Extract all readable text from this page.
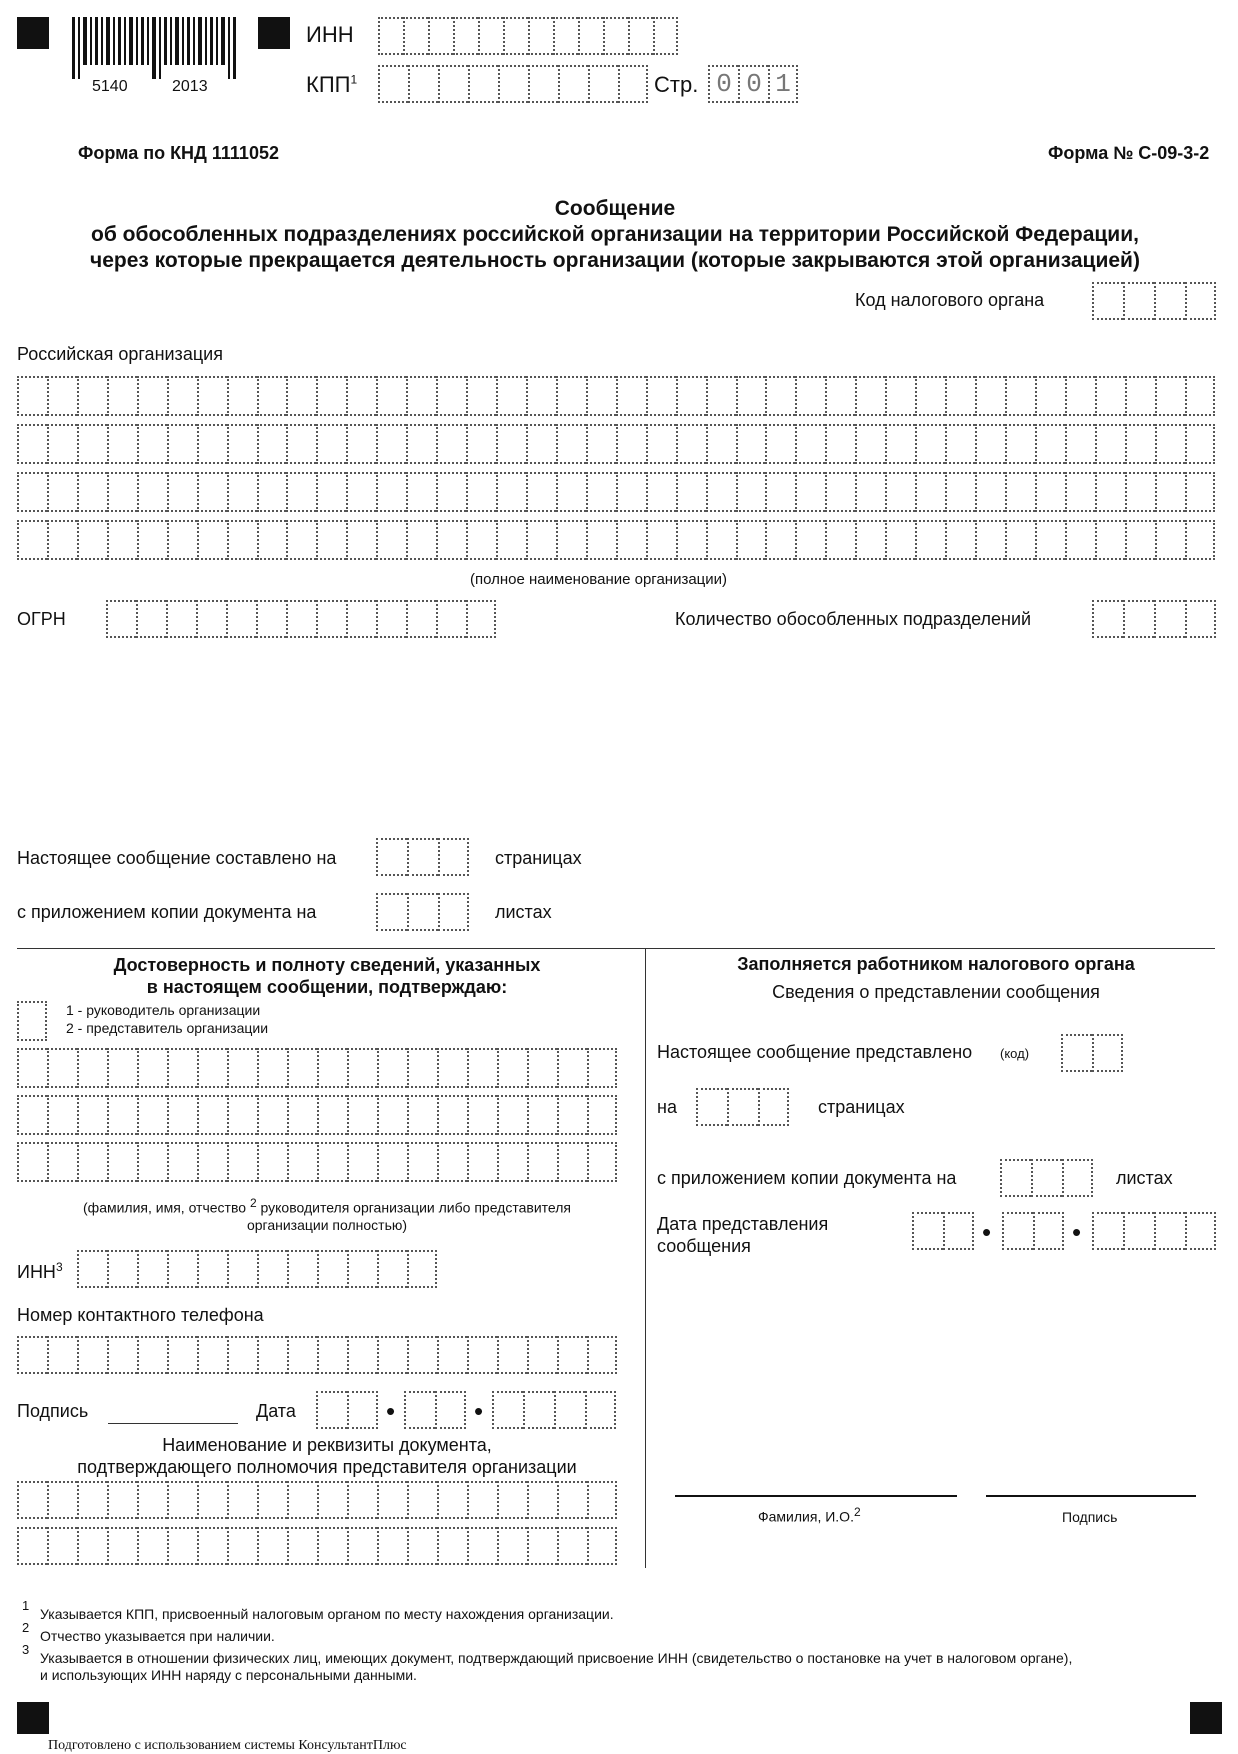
5140	2013
ИНН
КПП$^1$	Стр. 0 0 1
Форма по КНД 1111052	Форма № С-09-3-2
Сообщение
об обособленных подразделениях российской организации на территории Российской Федерации,
через которые прекращается деятельность организации (которые закрываются этой организацией)
Код налогового органа
Российская организация
(полное наименование организации)
ОГРН	Количество обособленных подразделений
Настоящее сообщение составлено на	страницах
с приложением копии документа на	листах
Достоверность и полноту сведений, указанных
в настоящем сообщении, подтверждаю:
1 - руководитель организации
2 - представитель организации
(фамилия, имя, отчество $^2$ руководителя организации либо представителя
организации полностью)
ИНН$^3$
Номер контактного телефона
Подпись	Дата	•	•
Наименование и реквизиты документа,
подтверждающего полномочия представителя организации
Заполняется работником налогового органа
Сведения о представлении сообщения
Настоящее сообщение представлено (код)
на	страницах
с приложением копии документа на	листах
Дата представления
сообщения	•	•
Фамилия, И.О.$^2$	Подпись
1
Указывается КПП, присвоенный налоговым органом по месту нахождения организации.
2
Отчество указывается при наличии.
3
Указывается в отношении физических лиц, имеющих документ, подтверждающий присвоение ИНН (свидетельство о постановке на учет в налоговом органе),
и использующих ИНН наряду с персональными данными.
Подготовлено с использованием системы КонсультантПлюс
